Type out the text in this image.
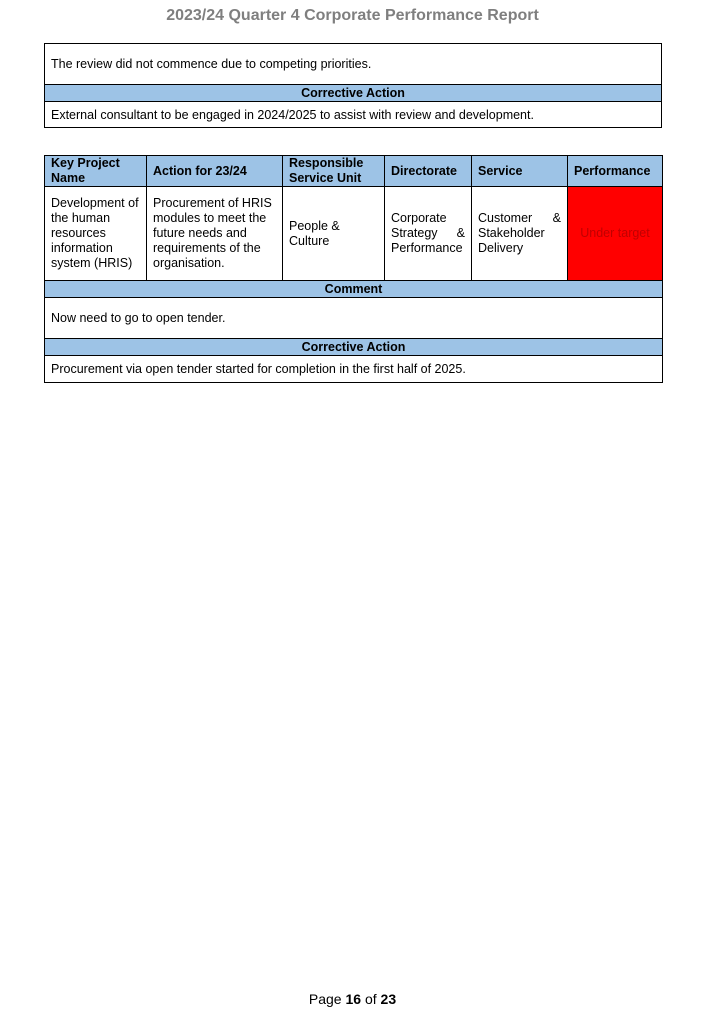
2023/24 Quarter 4 Corporate Performance Report
The review did not commence due to competing priorities.
Corrective Action
External consultant to be engaged in 2024/2025 to assist with review and development.
Key Project Name	Action for 23/24	Responsible Service Unit	Directorate	Service	Performance
Development of the human resources information system (HRIS)	Procurement of HRIS modules to meet the future needs and requirements of the organisation.	People & Culture	Corporate Strategy & Performance	Customer & Stakeholder Delivery	Under target
Comment					
Now need to go to open tender.					
Corrective Action					
Procurement via open tender started for completion in the first half of 2025.					
Page 16 of 23
